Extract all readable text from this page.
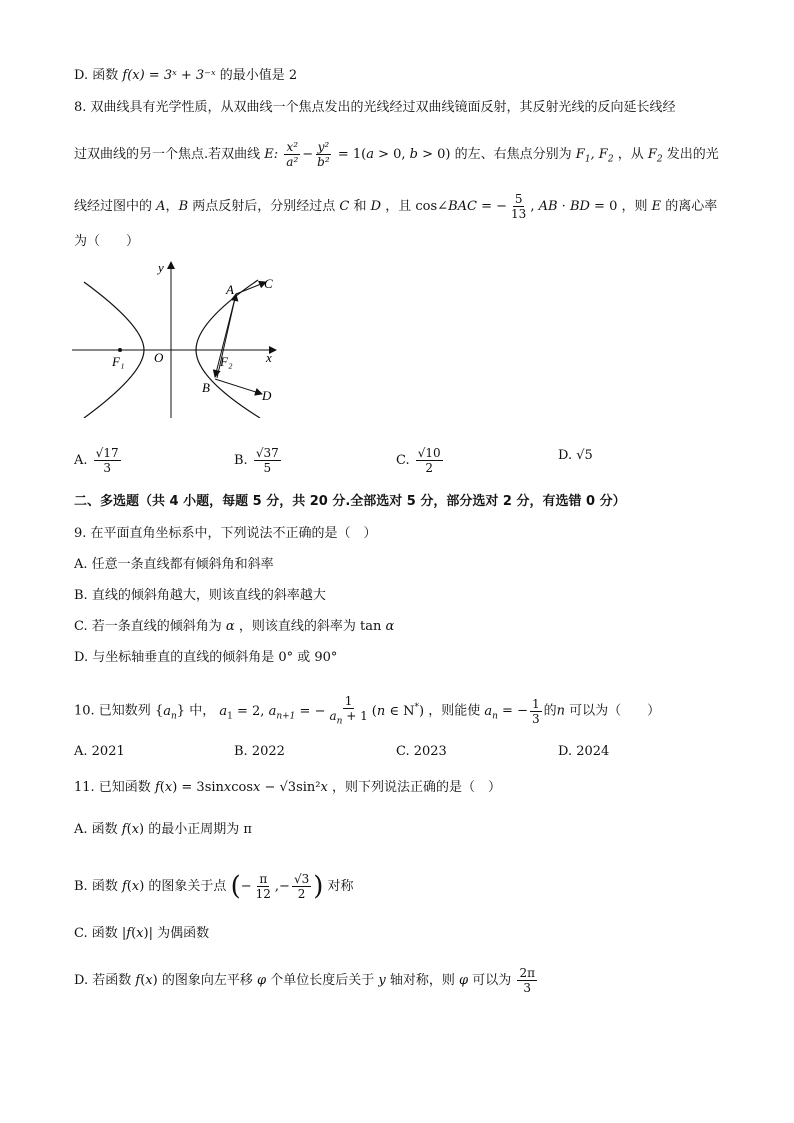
D. 函数 f(x) = 3ˣ + 3⁻ˣ 的最小值是 2
8. 双曲线具有光学性质，从双曲线一个焦点发出的光线经过双曲线镜面反射，其反射光线的反向延长线经
过双曲线的另一个焦点.若双曲线 E: $\frac{\text{x²}}{\text{a²}} - \frac{\text{y²}}{\text{b²}} = 1(a > 0$, b > 0) 的左、右焦点分别为 $F_1$, $F_2$ ，从 $F_2$ 发出的光
线经过图中的 A，B 两点反射后，分别经过点 C 和 D ，且 cos∠BAC = − $\frac{5}{13}$ , AB · BD = 0 ，则 E 的离心率
为（　　）
y
x
O
F₁	F₂
A C
B
D
A. $\frac{√17}{3}$	B. $\frac{√37}{5}$	C. $\frac{√10}{2}$	D. √5
二、多选题（共 4 小题，每题 5 分，共 20 分.全部选对 5 分，部分选对 2 分，有选错 0 分）
9. 在平面直角坐标系中，下列说法不正确的是（　）
A. 任意一条直线都有倾斜角和斜率
B. 直线的倾斜角越大，则该直线的斜率越大
C. 若一条直线的倾斜角为 α ，则该直线的斜率为 tan α
D. 与坐标轴垂直的直线的倾斜角是 0° 或 90°
10. 已知数列 $\{a_n\}$ 中， $a_1 = 2$, $a_{n+1}$ = − $\frac{1}{a_n + 1} (n$ ∈ N*) ，则能使 $a_n$ = − $\frac{1}{3}$ 的n 可以为（　　）
A. 2021	B. 2022	C. 2023	D. 2024
11. 已知函数 f(x) = 3sinxcosx − √3sin²x ，则下列说法正确的是（　）
A. 函数 f(x) 的最小正周期为 π
B. 函数 f(x) 的图象关于点 (− $\frac{\pi}{12}$ ,− $\frac{√3}{2}$ ) 对称
C. 函数 |f(x)| 为偶函数
D. 若函数 f(x) 的图象向左平移 φ 个单位长度后关于 y 轴对称，则 φ 可以为 $\frac{2\pi}{3}$
